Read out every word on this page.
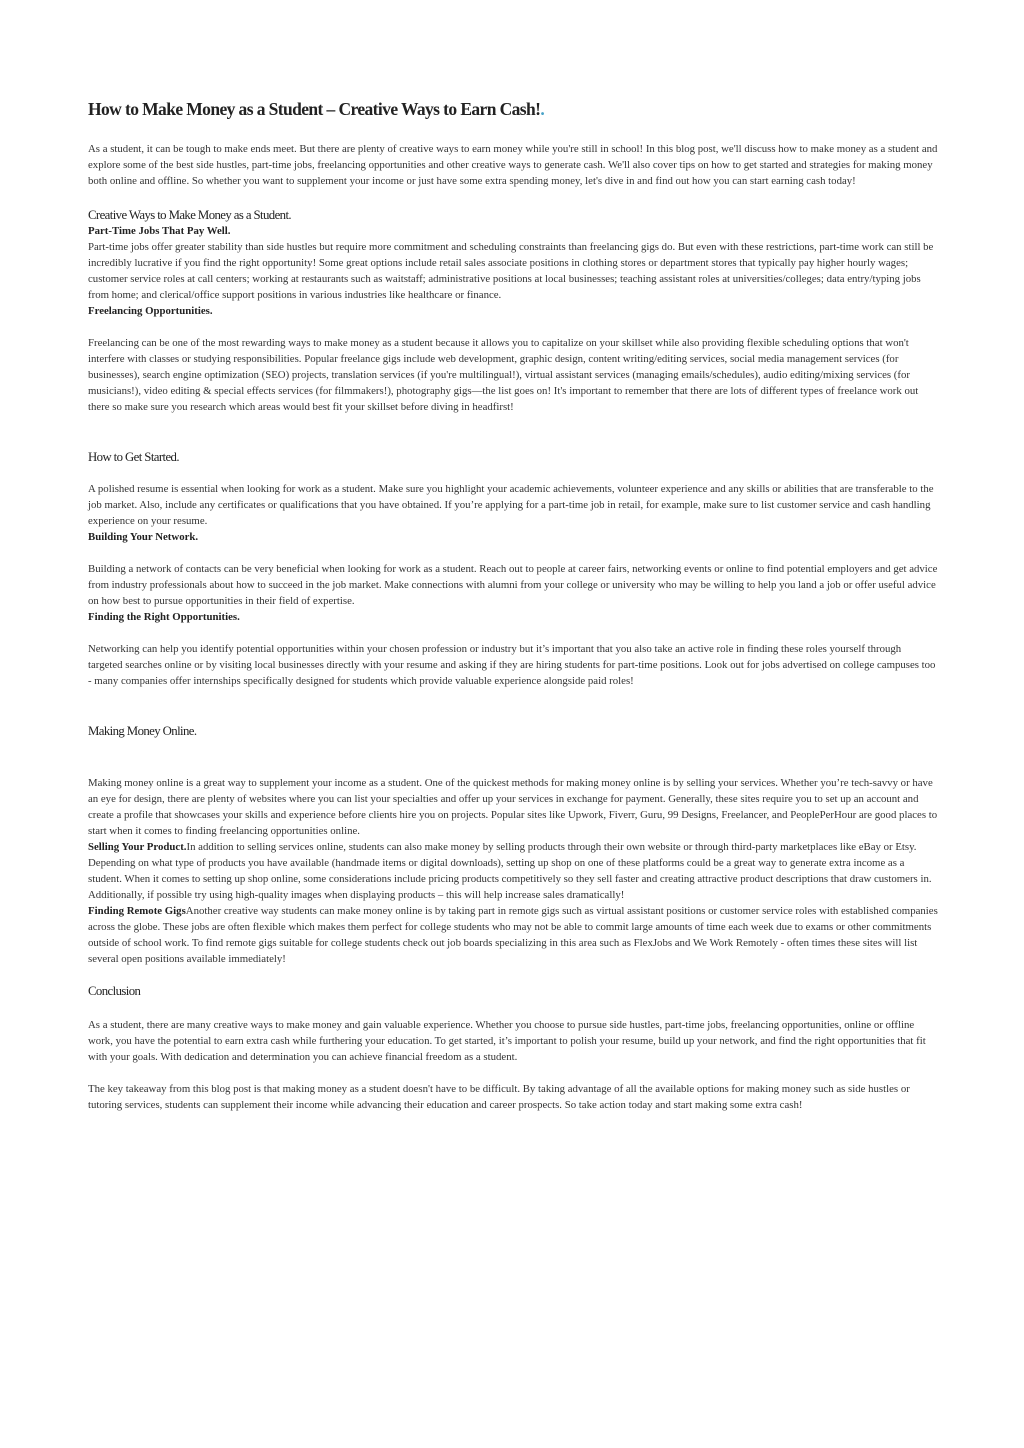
How to Make Money as a Student – Creative Ways to Earn Cash!.

As a student, it can be tough to make ends meet. But there are plenty of creative ways to earn money while you're still in school! In this blog post, we'll discuss how to make money as a student and explore some of the best side hustles, part-time jobs, freelancing opportunities and other creative ways to generate cash. We'll also cover tips on how to get started and strategies for making money both online and offline. So whether you want to supplement your income or just have some extra spending money, let's dive in and find out how you can start earning cash today!

Creative Ways to Make Money as a Student.
Part-Time Jobs That Pay Well.

Part-time jobs offer greater stability than side hustles but require more commitment and scheduling constraints than freelancing gigs do. But even with these restrictions, part-time work can still be incredibly lucrative if you find the right opportunity! Some great options include retail sales associate positions in clothing stores or department stores that typically pay higher hourly wages; customer service roles at call centers; working at restaurants such as waitstaff; administrative positions at local businesses; teaching assistant roles at universities/colleges; data entry/typing jobs from home; and clerical/office support positions in various industries like healthcare or finance.

Freelancing Opportunities.

Freelancing can be one of the most rewarding ways to make money as a student because it allows you to capitalize on your skillset while also providing flexible scheduling options that won't interfere with classes or studying responsibilities. Popular freelance gigs include web development, graphic design, content writing/editing services, social media management services (for businesses), search engine optimization (SEO) projects, translation services (if you're multilingual!), virtual assistant services (managing emails/schedules), audio editing/mixing services (for musicians!), video editing & special effects services (for filmmakers!), photography gigs—the list goes on! It's important to remember that there are lots of different types of freelance work out there so make sure you research which areas would best fit your skillset before diving in headfirst!

How to Get Started.

A polished resume is essential when looking for work as a student. Make sure you highlight your academic achievements, volunteer experience and any skills or abilities that are transferable to the job market. Also, include any certificates or qualifications that you have obtained. If you’re applying for a part-time job in retail, for example, make sure to list customer service and cash handling experience on your resume.

Building Your Network.

Building a network of contacts can be very beneficial when looking for work as a student. Reach out to people at career fairs, networking events or online to find potential employers and get advice from industry professionals about how to succeed in the job market. Make connections with alumni from your college or university who may be willing to help you land a job or offer useful advice on how best to pursue opportunities in their field of expertise.

Finding the Right Opportunities.

Networking can help you identify potential opportunities within your chosen profession or industry but it’s important that you also take an active role in finding these roles yourself through targeted searches online or by visiting local businesses directly with your resume and asking if they are hiring students for part-time positions. Look out for jobs advertised on college campuses too - many companies offer internships specifically designed for students which provide valuable experience alongside paid roles!

Making Money Online.

Making money online is a great way to supplement your income as a student. One of the quickest methods for making money online is by selling your services. Whether you’re tech-savvy or have an eye for design, there are plenty of websites where you can list your specialties and offer up your services in exchange for payment. Generally, these sites require you to set up an account and create a profile that showcases your skills and experience before clients hire you on projects. Popular sites like Upwork, Fiverr, Guru, 99 Designs, Freelancer, and PeoplePerHour are good places to start when it comes to finding freelancing opportunities online.

Selling Your Product.In addition to selling services online, students can also make money by selling products through their own website or through third-party marketplaces like eBay or Etsy. Depending on what type of products you have available (handmade items or digital downloads), setting up shop on one of these platforms could be a great way to generate extra income as a student. When it comes to setting up shop online, some considerations include pricing products competitively so they sell faster and creating attractive product descriptions that draw customers in. Additionally, if possible try using high-quality images when displaying products – this will help increase sales dramatically!

Finding Remote GigsAnother creative way students can make money online is by taking part in remote gigs such as virtual assistant positions or customer service roles with established companies across the globe. These jobs are often flexible which makes them perfect for college students who may not be able to commit large amounts of time each week due to exams or other commitments outside of school work. To find remote gigs suitable for college students check out job boards specializing in this area such as FlexJobs and We Work Remotely - often times these sites will list several open positions available immediately!

Conclusion

As a student, there are many creative ways to make money and gain valuable experience. Whether you choose to pursue side hustles, part-time jobs, freelancing opportunities, online or offline work, you have the potential to earn extra cash while furthering your education. To get started, it’s important to polish your resume, build up your network, and find the right opportunities that fit with your goals. With dedication and determination you can achieve financial freedom as a student.

The key takeaway from this blog post is that making money as a student doesn't have to be difficult. By taking advantage of all the available options for making money such as side hustles or tutoring services, students can supplement their income while advancing their education and career prospects. So take action today and start making some extra cash!
